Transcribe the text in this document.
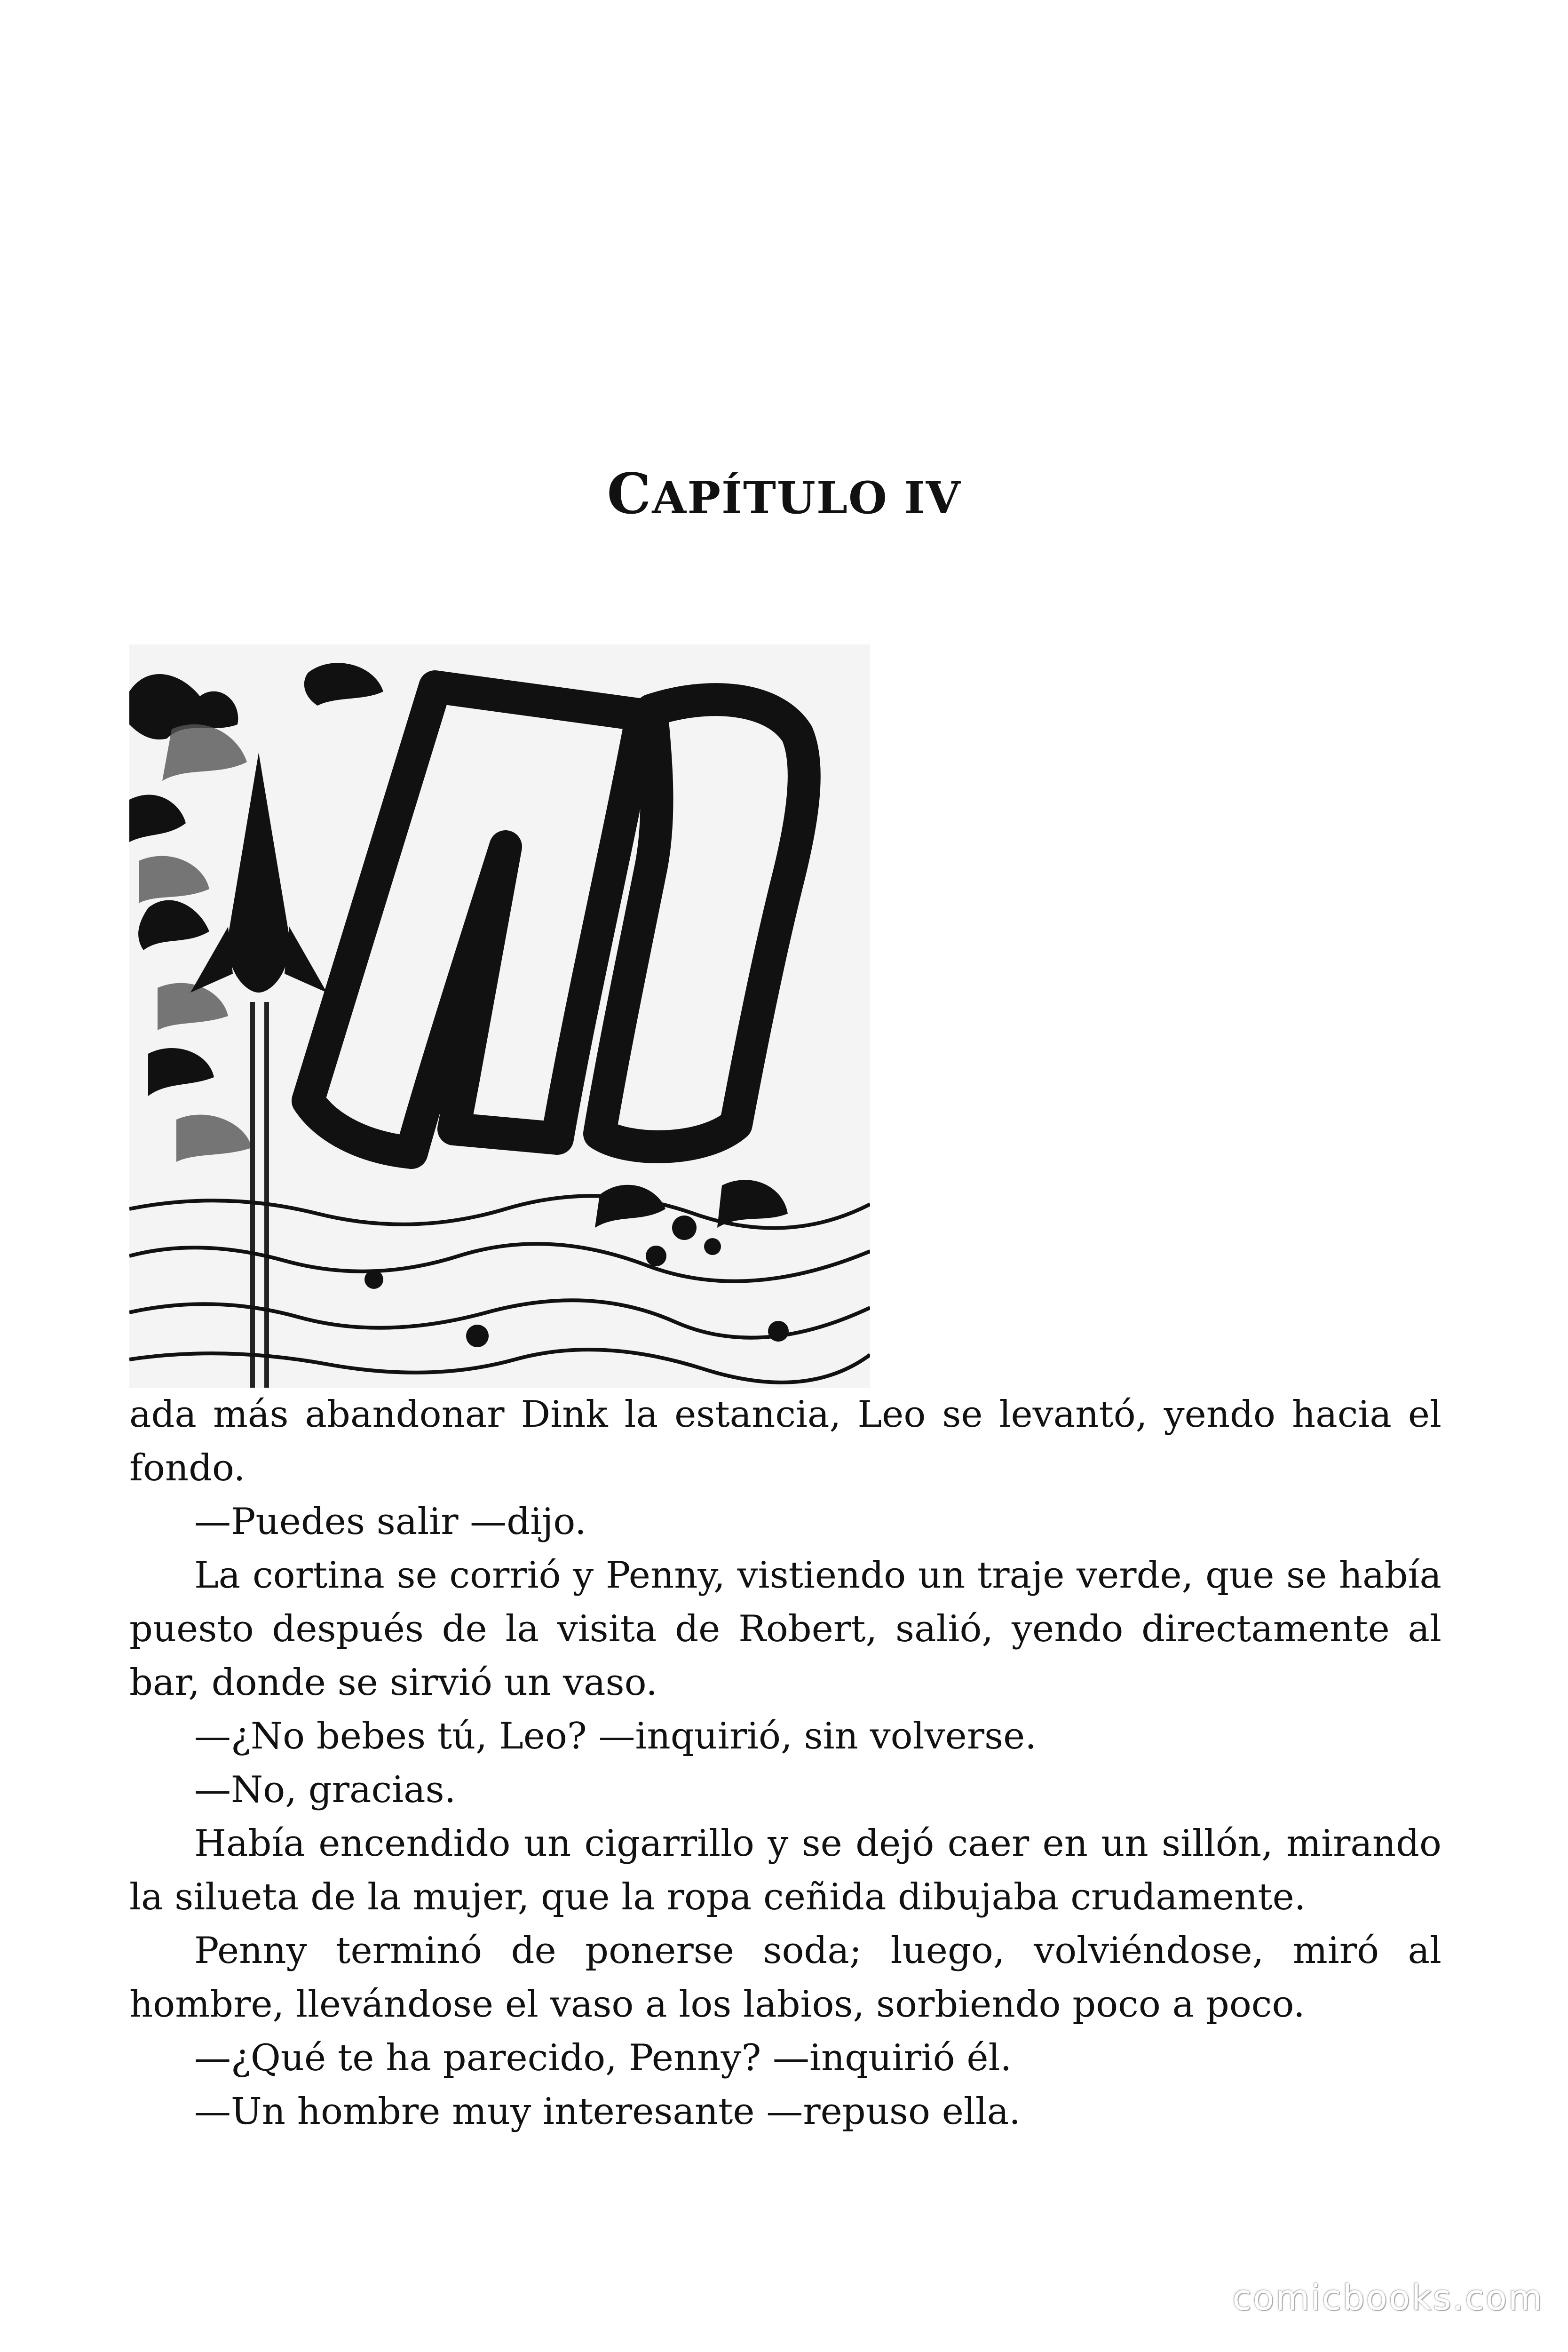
CAPÍTULO IV

ada más abandonar Dink la estancia, Leo se levantó, yendo hacia el fondo.

—Puedes salir —dijo.

La cortina se corrió y Penny, vistiendo un traje verde, que se había puesto después de la visita de Robert, salió, yendo directamente al bar, donde se sirvió un vaso.

—¿No bebes tú, Leo? —inquirió, sin volverse.

—No, gracias.

Había encendido un cigarrillo y se dejó caer en un sillón, mirando la silueta de la mujer, que la ropa ceñida dibujaba crudamente.

Penny terminó de ponerse soda; luego, volviéndose, miró al hombre, llevándose el vaso a los labios, sorbiendo poco a poco.

—¿Qué te ha parecido, Penny? —inquirió él.

—Un hombre muy interesante —repuso ella.

comicbooks.com
